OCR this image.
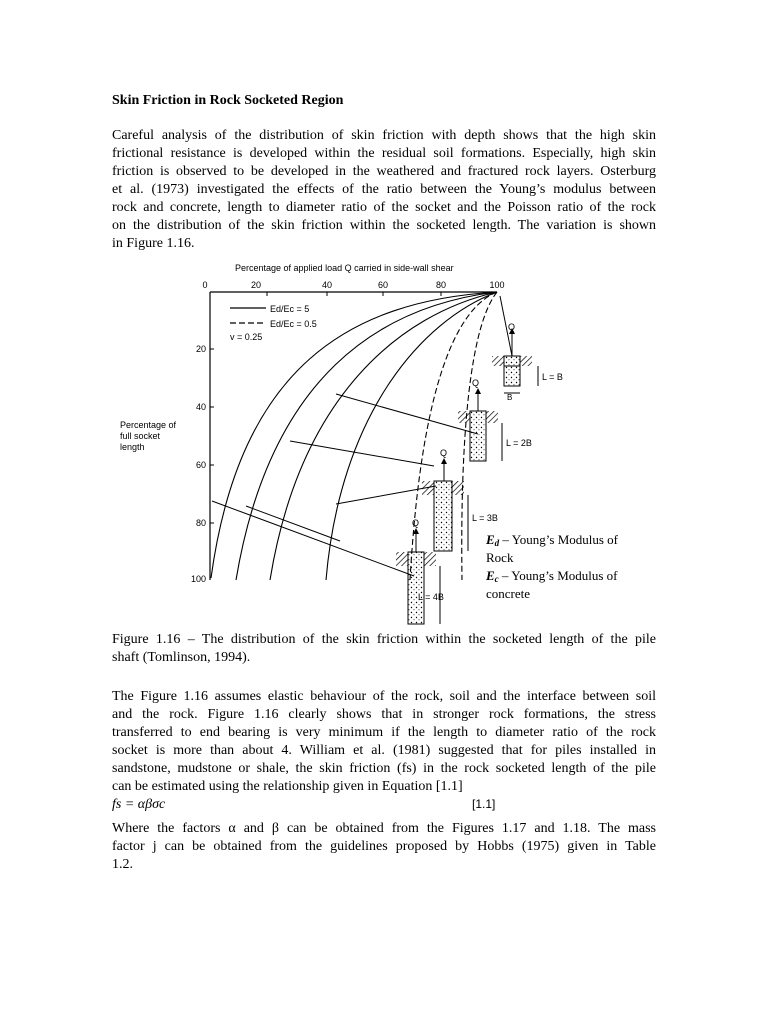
Skin Friction in Rock Socketed Region
Careful analysis of the distribution of skin friction with depth shows that the high skin
frictional resistance is developed within the residual soil formations. Especially, high skin
friction is observed to be developed in the weathered and fractured rock layers. Osterburg
et al. (1973) investigated the effects of the ratio between the Young’s modulus between
rock and concrete, length to diameter ratio of the socket and the Poisson ratio of the rock
on the distribution of the skin friction within the socketed length. The variation is shown
in Figure 1.16.
Percentage of applied load Q carried in side-wall shear
0	20	40	60	80	100
20
40
60
80
100
Percentage of
full socket
length
Ed/Ec = 5
Ed/Ec = 0.5
v = 0.25
Q
L = B
B
Q
L = 2B
Q
L = 3B
Q
L = 4B
Ed – Young’s Modulus of
Rock
Ec – Young’s Modulus of
concrete
Figure 1.16 – The distribution of the skin friction within the socketed length of the pile
shaft (Tomlinson, 1994).
The Figure 1.16 assumes elastic behaviour of the rock, soil and the interface between soil
and the rock. Figure 1.16 clearly shows that in stronger rock formations, the stress
transferred to end bearing is very minimum if the length to diameter ratio of the rock
socket is more than about 4. William et al. (1981) suggested that for piles installed in
sandstone, mudstone or shale, the skin friction (fs) in the rock socketed length of the pile
can be estimated using the relationship given in Equation [1.1]
fs = αβσc	[1.1]
Where the factors α and β can be obtained from the Figures 1.17 and 1.18. The mass
factor j can be obtained from the guidelines proposed by Hobbs (1975) given in Table
1.2.
